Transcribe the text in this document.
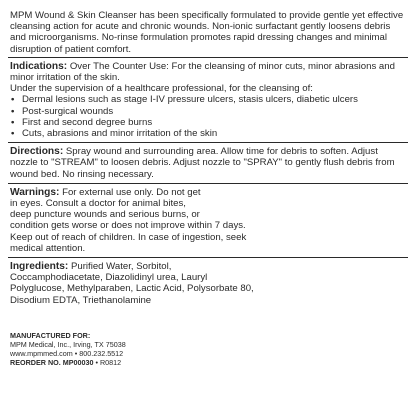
MPM Wound & Skin Cleanser has been specifically formulated to provide gentle yet effective cleansing action for acute and chronic wounds. Non-ionic surfactant gently loosens debris and microorganisms. No-rinse formulation promotes rapid dressing changes and minimal disruption of patient comfort.

Indications: Over The Counter Use: For the cleansing of minor cuts, minor abrasions and minor irritation of the skin.
Under the supervision of a healthcare professional, for the cleansing of:
• Dermal lesions such as stage I-IV pressure ulcers, stasis ulcers, diabetic ulcers
• Post-surgical wounds
• First and second degree burns
• Cuts, abrasions and minor irritation of the skin
Directions: Spray wound and surrounding area. Allow time for debris to soften. Adjust nozzle to "STREAM" to loosen debris. Adjust nozzle to "SPRAY" to gently flush debris from wound bed. No rinsing necessary.
Warnings: For external use only. Do not get
in eyes. Consult a doctor for animal bites,
deep puncture wounds and serious burns, or
condition gets worse or does not improve within 7 days.
Keep out of reach of children. In case of ingestion, seek
medical attention.
Ingredients: Purified Water, Sorbitol,
Coccamphodiacetate, Diazolidinyl urea, Lauryl
Polyglucose, Methylparaben, Lactic Acid, Polysorbate 80,
Disodium EDTA, Triethanolamine
MANUFACTURED FOR:
MPM Medical, Inc., Irving, TX 75038
www.mpmmed.com • 800.232.5512
REORDER NO. MP00030 • R0812
